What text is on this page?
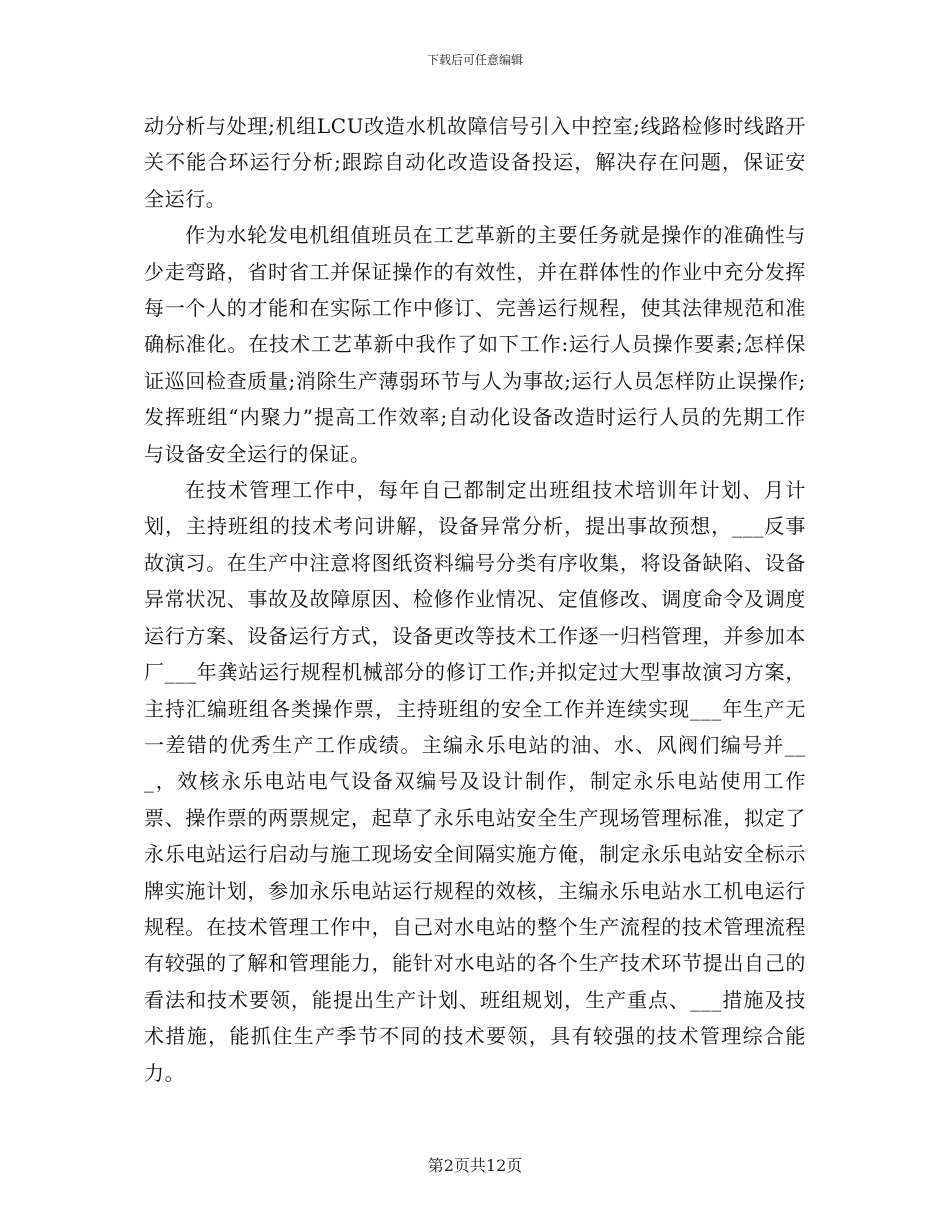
下载后可任意编辑

动分析与处理;机组LCU改造水机故障信号引入中控室;线路检修时线路开关不能合环运行分析;跟踪自动化改造设备投运，解决存在问题，保证安全运行。

作为水轮发电机组值班员在工艺革新的主要任务就是操作的准确性与少走弯路，省时省工并保证操作的有效性，并在群体性的作业中充分发挥每一个人的才能和在实际工作中修订、完善运行规程，使其法律规范和准确标准化。在技术工艺革新中我作了如下工作:运行人员操作要素;怎样保证巡回检查质量;消除生产薄弱环节与人为事故;运行人员怎样防止误操作;发挥班组“内聚力”提高工作效率;自动化设备改造时运行人员的先期工作与设备安全运行的保证。

在技术管理工作中，每年自己都制定出班组技术培训年计划、月计划，主持班组的技术考问讲解，设备异常分析，提出事故预想，___反事故演习。在生产中注意将图纸资料编号分类有序收集，将设备缺陷、设备异常状况、事故及故障原因、检修作业情况、定值修改、调度命令及调度运行方案、设备运行方式，设备更改等技术工作逐一归档管理，并参加本厂___年龚站运行规程机械部分的修订工作;并拟定过大型事故演习方案，主持汇编班组各类操作票，主持班组的安全工作并连续实现___年生产无一差错的优秀生产工作成绩。主编永乐电站的油、水、风阀们编号并___，效核永乐电站电气设备双编号及设计制作，制定永乐电站使用工作票、操作票的两票规定，起草了永乐电站安全生产现场管理标准，拟定了永乐电站运行启动与施工现场安全间隔实施方俺，制定永乐电站安全标示牌实施计划，参加永乐电站运行规程的效核，主编永乐电站水工机电运行规程。在技术管理工作中，自己对水电站的整个生产流程的技术管理流程有较强的了解和管理能力，能针对水电站的各个生产技术环节提出自己的看法和技术要领，能提出生产计划、班组规划，生产重点、___措施及技术措施，能抓住生产季节不同的技术要领，具有较强的技术管理综合能力。

第2页共12页
